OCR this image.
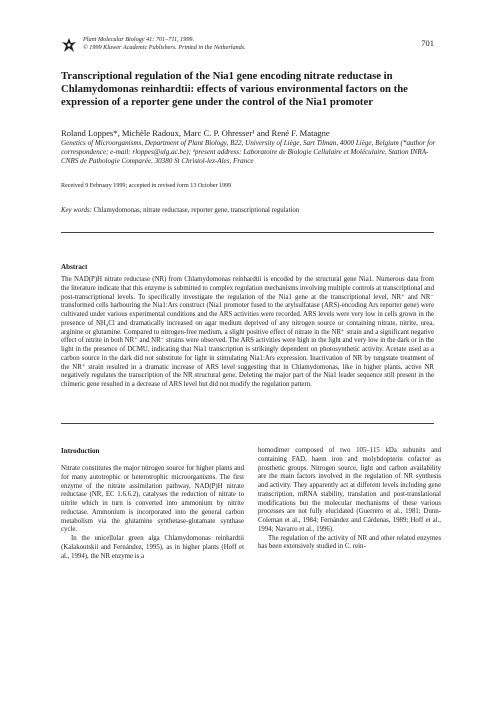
Plant Molecular Biology 41: 701–711, 1999.
© 1999 Kluwer Academic Publishers. Printed in the Netherlands.	701
Transcriptional regulation of the Nia1 gene encoding nitrate reductase in Chlamydomonas reinhardtii: effects of various environmental factors on the expression of a reporter gene under the control of the Nia1 promoter
Roland Loppes*, Michèle Radoux, Marc C. P. Ohresser¹ and René F. Matagne
Genetics of Microorganisms, Department of Plant Biology, B22, University of Liège, Sart Tilman, 4000 Liège, Belgium (*author for correspondence; e-mail: rloppes@ulg.ac.be); ¹present address: Laboratoire de Biologie Cellulaire et Moléculaire, Station INRA-CNRS de Pathologie Comparée, 30380 St Christol-lez-Ales, France
Received 9 February 1999; accepted in revised form 13 October 1999
Key words: Chlamydomonas, nitrate reductase, reporter gene, transcriptional regulation
Abstract
The NAD(P)H nitrate reductase (NR) from Chlamydomonas reinhardtii is encoded by the structural gene Nia1. Numerous data from the literature indicate that this enzyme is submitted to complex regulation mechanisms involving multiple controls at transcriptional and post-transcriptional levels. To specifically investigate the regulation of the Nia1 gene at the transcriptional level, NR⁺ and NR⁻ transformed cells harbouring the Nia1:Ars construct (Nia1 promoter fused to the arylsulfatase (ARS)-encoding Ars reporter gene) were cultivated under various experimental conditions and the ARS activities were recorded. ARS levels were very low in cells grown in the presence of NH₄Cl and dramatically increased on agar medium deprived of any nitrogen source or containing nitrate, nitrite, urea, arginine or glutamine. Compared to nitrogen-free medium, a slight positive effect of nitrate in the NR⁺ strain and a significant negative effect of nitrite in both NR⁺ and NR⁻ strains were observed. The ARS activities were high in the light and very low in the dark or in the light in the presence of DCMU, indicating that Nia1 transcription is strikingly dependent on photosynthetic activity. Acetate used as a carbon source in the dark did not substitute for light in stimulating Nia1:Ars expression. Inactivation of NR by tungstate treatment of the NR⁺ strain resulted in a dramatic increase of ARS level suggesting that in Chlamydomonas, like in higher plants, active NR negatively regulates the transcription of the NR structural gene. Deleting the major part of the Nia1 leader sequence still present in the chimeric gene resulted in a decrease of ARS level but did not modify the regulation pattern.
Introduction

Nitrate constitutes the major nitrogen source for higher plants and for many autotrophic or heterotrophic microorganisms. The first enzyme of the nitrate assimilation pathway, NAD(P)H nitrate reductase (NR, EC 1.6.6.2), catalyses the reduction of nitrate to nitrite which in turn is converted into ammonium by nitrite reductase. Ammonium is incorporated into the general carbon metabolism via the glutamine synthetase-glutamate synthase cycle.

In the unicellular green alga Chlamydomonas reinhardtii (Kalakoutskii and Fernández, 1995), as in higher plants (Hoff et al., 1994), the NR enzyme is a

homodimer composed of two 105–115 kDa subunits and containing FAD, haem iron and molybdopterin cofactor as prosthetic groups. Nitrogen source, light and carbon availability are the main factors involved in the regulation of NR synthesis and activity. They apparently act at different levels including gene transcription, mRNA stability, translation and post-translational modifications but the molecular mechanisms of these various processes are not fully elucidated (Guerrero et al., 1981; Dunn-Coleman et al., 1984; Fernández and Cárdenas, 1989; Hoff et al., 1994; Navarro et al., 1996).

The regulation of the activity of NR and other related enzymes has been extensively studied in C. rein-
